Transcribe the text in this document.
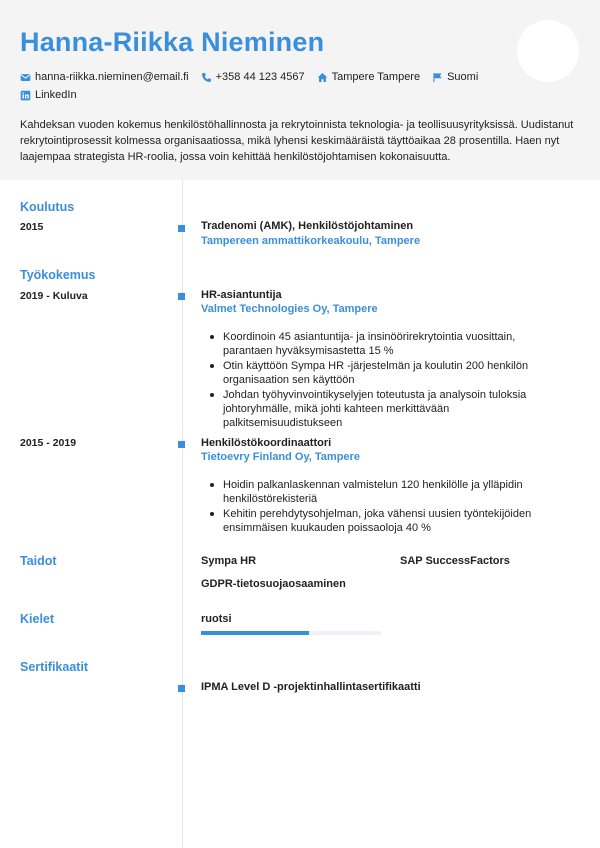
Hanna-Riikka Nieminen
hanna-riikka.nieminen@email.fi +358 44 123 4567 Tampere Tampere Suomi
LinkedIn
Kahdeksan vuoden kokemus henkilöstöhallinnosta ja rekrytoinnista teknologia- ja teollisuusyrityksissä. Uudistanut rekrytointiprosessit kolmessa organisaatiossa, mikä lyhensi keskimääräistä täyttöaikaa 28 prosentilla. Haen nyt laajempaa strategista HR-roolia, jossa voin kehittää henkilöstöjohtamisen kokonaisuutta.
Koulutus
2015	Tradenomi (AMK), Henkilöstöjohtaminen
Tampereen ammattikorkeakoulu, Tampere
Työkokemus
2019 - Kuluva	HR-asiantuntija
Valmet Technologies Oy, Tampere
Koordinoin 45 asiantuntija- ja insinöörirekrytointia vuosittain, parantaen hyväksymisastetta 15 %
Otin käyttöön Sympa HR -järjestelmän ja koulutin 200 henkilön organisaation sen käyttöön
Johdan työhyvinvointikyselyjen toteutusta ja analysoin tuloksia johtoryhmälle, mikä johti kahteen merkittävään palkitsemisuudistukseen
2015 - 2019	Henkilöstökoordinaattori
Tietoevry Finland Oy, Tampere
Hoidin palkanlaskennan valmistelun 120 henkilölle ja ylläpidin henkilöstörekisteriä
Kehitin perehdytysohjelman, joka vähensi uusien työntekijöiden ensimmäisen kuukauden poissaoloja 40 %
Taidot	Sympa HR	SAP SuccessFactors
GDPR-tietosuojaosaaminen
Kielet	ruotsi
Sertifikaatit
IPMA Level D -projektinhallintasertifikaatti
